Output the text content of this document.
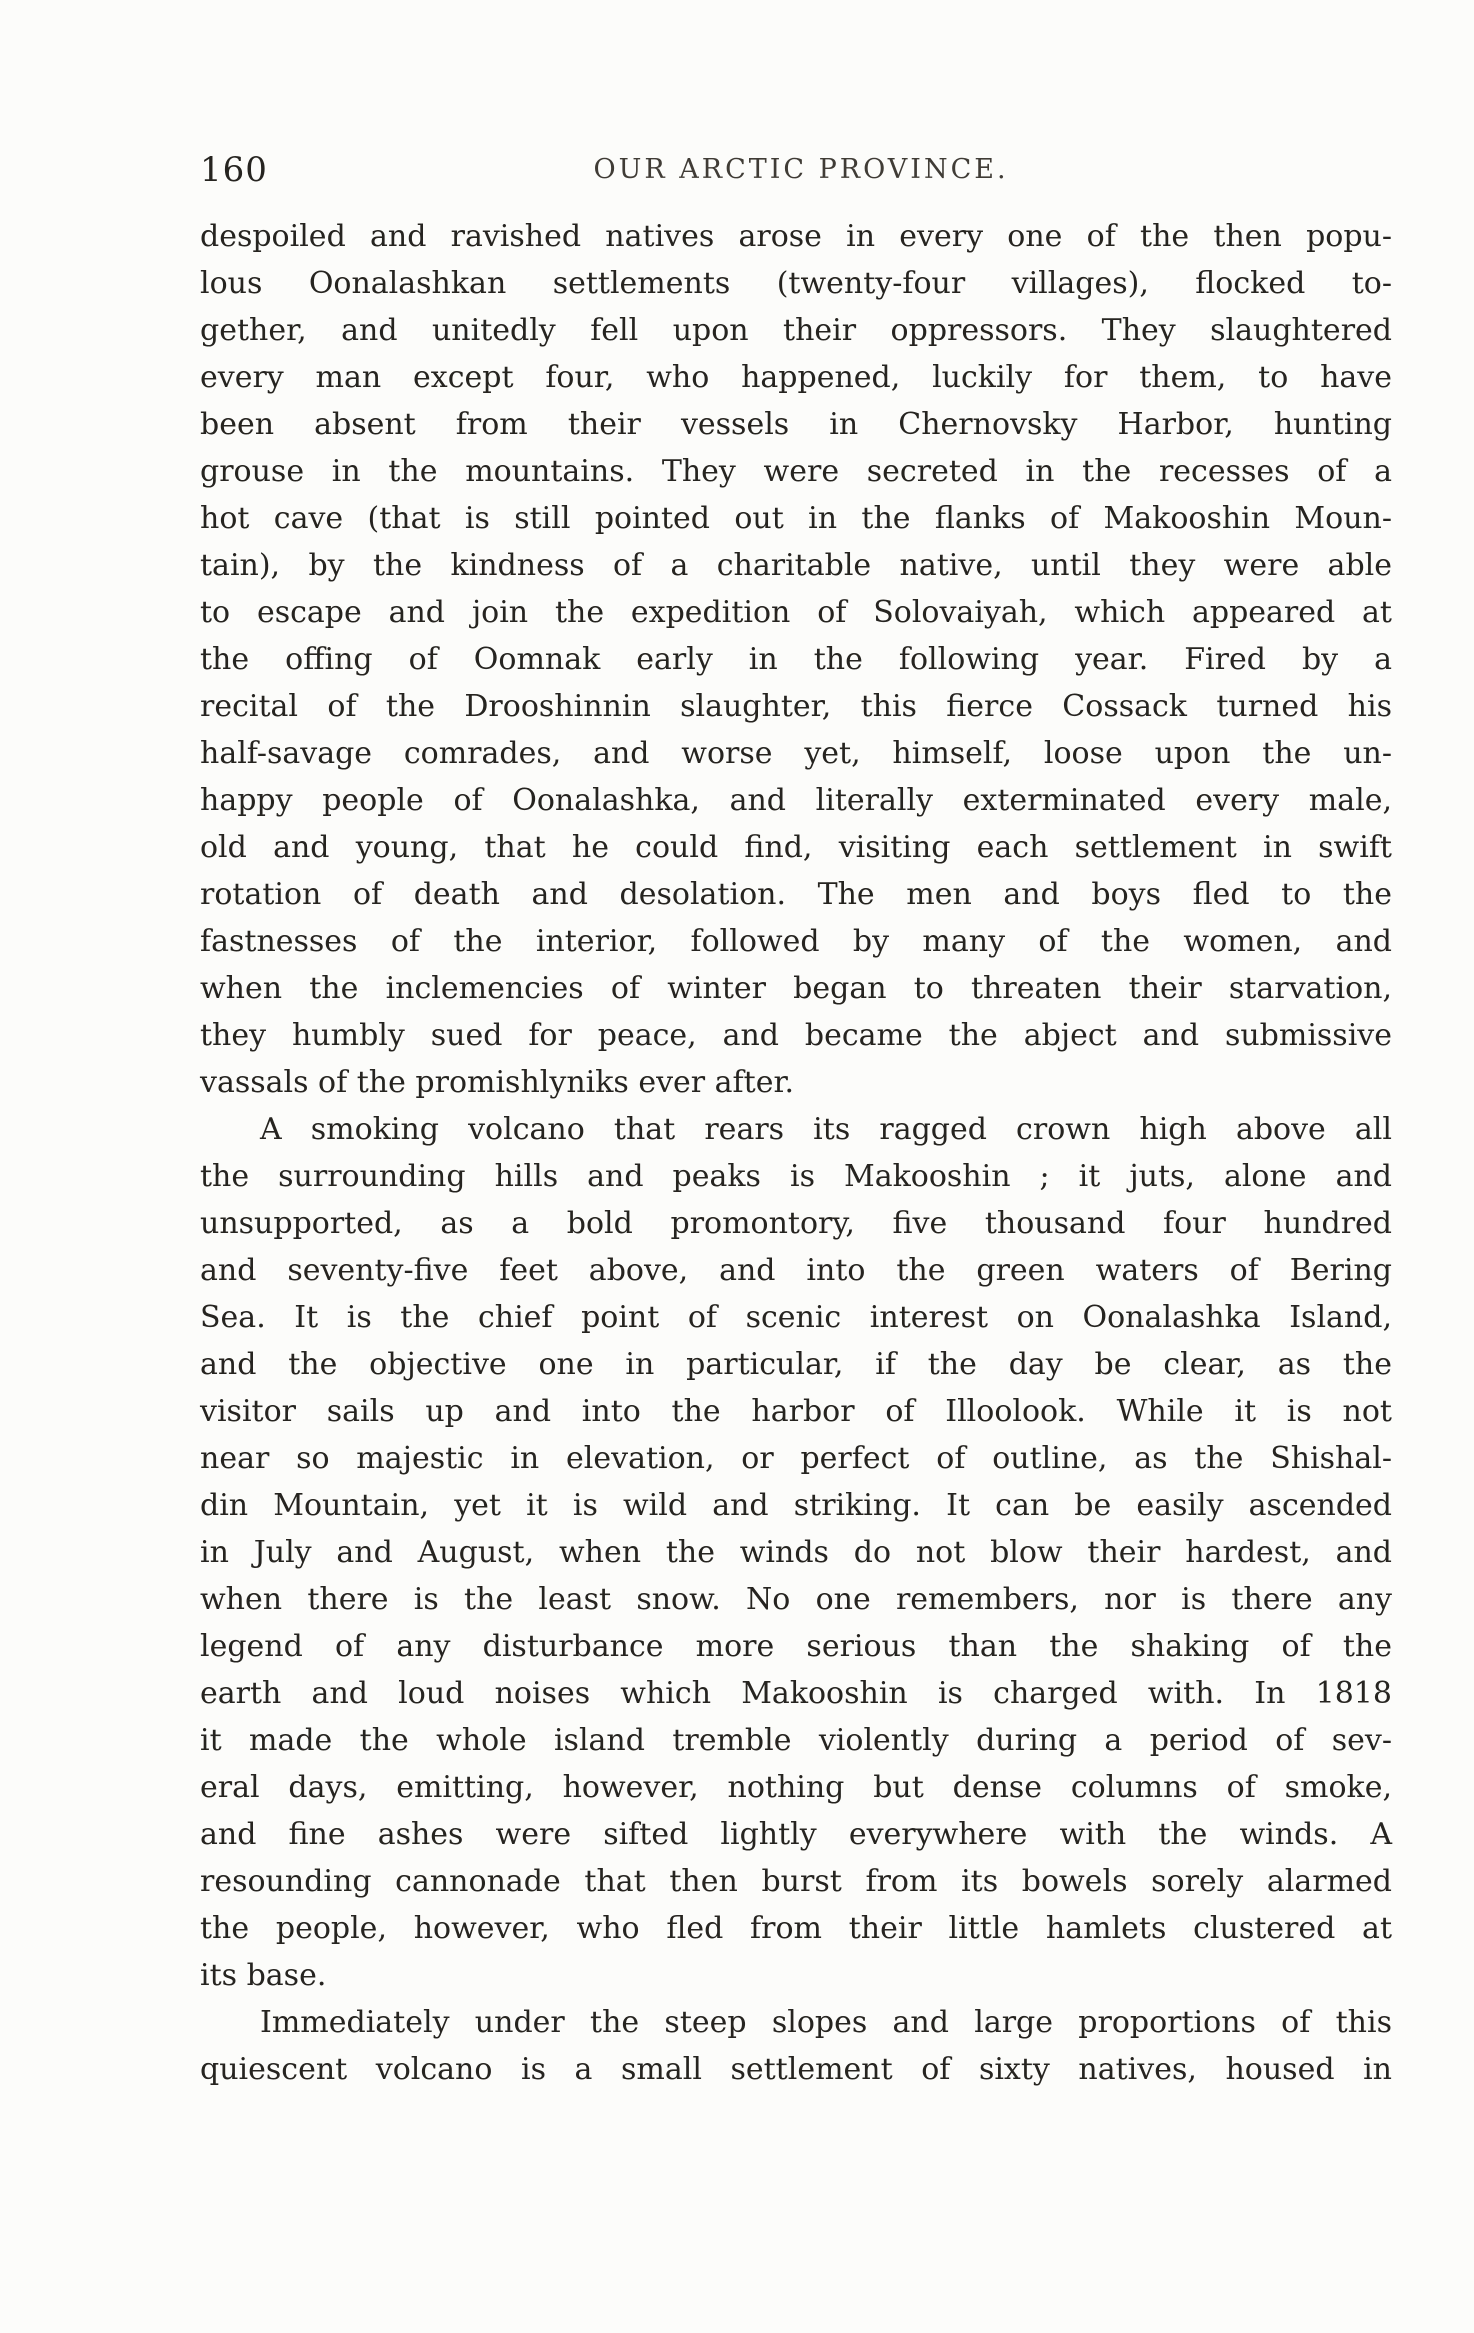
160	OUR ARCTIC PROVINCE.
despoiled and ravished natives arose in every one of the then popu-
lous Oonalashkan settlements (twenty-four villages), flocked to-
gether, and unitedly fell upon their oppressors. They slaughtered
every man except four, who happened, luckily for them, to have
been absent from their vessels in Chernovsky Harbor, hunting
grouse in the mountains. They were secreted in the recesses of a
hot cave (that is still pointed out in the flanks of Makooshin Moun-
tain), by the kindness of a charitable native, until they were able
to escape and join the expedition of Solovaiyah, which appeared at
the offing of Oomnak early in the following year. Fired by a
recital of the Drooshinnin slaughter, this fierce Cossack turned his
half-savage comrades, and worse yet, himself, loose upon the un-
happy people of Oonalashka, and literally exterminated every male,
old and young, that he could find, visiting each settlement in swift
rotation of death and desolation. The men and boys fled to the
fastnesses of the interior, followed by many of the women, and
when the inclemencies of winter began to threaten their starvation,
they humbly sued for peace, and became the abject and submissive
vassals of the promishlyniks ever after.
A smoking volcano that rears its ragged crown high above all
the surrounding hills and peaks is Makooshin ; it juts, alone and
unsupported, as a bold promontory, five thousand four hundred
and seventy-five feet above, and into the green waters of Bering
Sea. It is the chief point of scenic interest on Oonalashka Island,
and the objective one in particular, if the day be clear, as the
visitor sails up and into the harbor of Illoolook. While it is not
near so majestic in elevation, or perfect of outline, as the Shishal-
din Mountain, yet it is wild and striking. It can be easily ascended
in July and August, when the winds do not blow their hardest, and
when there is the least snow. No one remembers, nor is there any
legend of any disturbance more serious than the shaking of the
earth and loud noises which Makooshin is charged with. In 1818
it made the whole island tremble violently during a period of sev-
eral days, emitting, however, nothing but dense columns of smoke,
and fine ashes were sifted lightly everywhere with the winds. A
resounding cannonade that then burst from its bowels sorely alarmed
the people, however, who fled from their little hamlets clustered at
its base.
Immediately under the steep slopes and large proportions of this
quiescent volcano is a small settlement of sixty natives, housed in
